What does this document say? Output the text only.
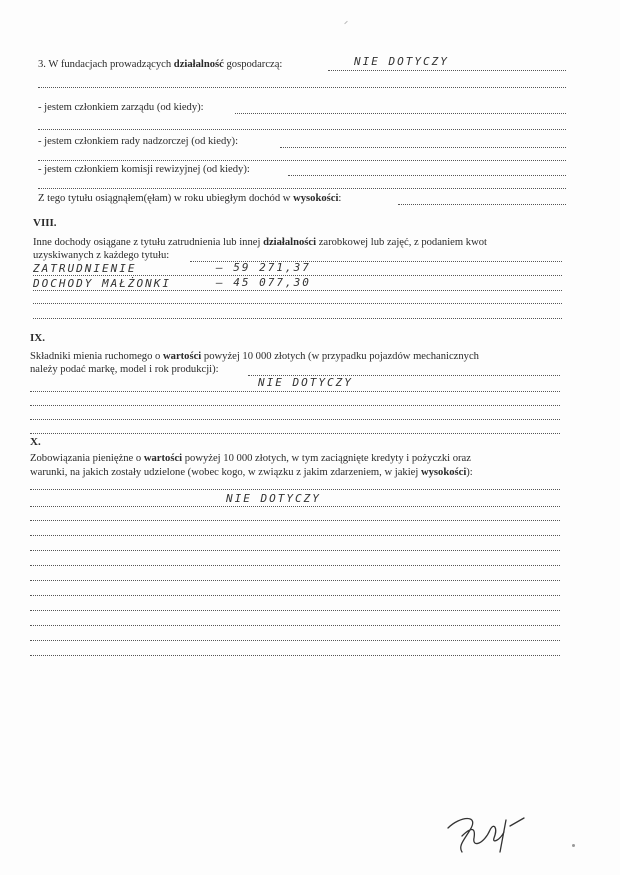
3. W fundacjach prowadzących działalność gospodarczą:	NIE DOTYCZY
- jestem członkiem zarządu (od kiedy):
- jestem członkiem rady nadzorczej (od kiedy):
- jestem członkiem komisji rewizyjnej (od kiedy):
Z tego tytułu osiągnąłem(ęłam) w roku ubiegłym dochód w wysokości:
VIII.
Inne dochody osiągane z tytułu zatrudnienia lub innej działalności zarobkowej lub zajęć, z podaniem kwot
uzyskiwanych z każdego tytułu:
ZATRUDNIENIE	— 59 271,37
DOCHODY MAŁŻONKI	— 45 077,30
IX.
Składniki mienia ruchomego o wartości powyżej 10 000 złotych (w przypadku pojazdów mechanicznych
należy podać markę, model i rok produkcji):
NIE DOTYCZY
X.
Zobowiązania pieniężne o wartości powyżej 10 000 złotych, w tym zaciągnięte kredyty i pożyczki oraz
warunki, na jakich zostały udzielone (wobec kogo, w związku z jakim zdarzeniem, w jakiej wysokości):
NIE DOTYCZY
